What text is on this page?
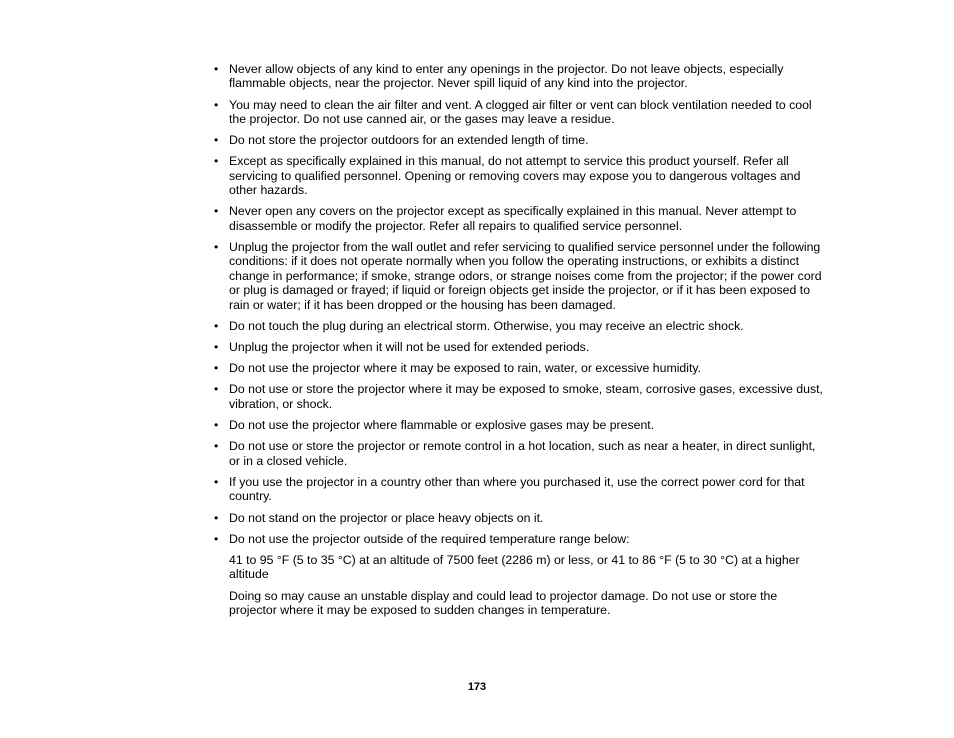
• Never allow objects of any kind to enter any openings in the projector. Do not leave objects, especially flammable objects, near the projector. Never spill liquid of any kind into the projector.
• You may need to clean the air filter and vent. A clogged air filter or vent can block ventilation needed to cool the projector. Do not use canned air, or the gases may leave a residue.
• Do not store the projector outdoors for an extended length of time.
• Except as specifically explained in this manual, do not attempt to service this product yourself. Refer all servicing to qualified personnel. Opening or removing covers may expose you to dangerous voltages and other hazards.
• Never open any covers on the projector except as specifically explained in this manual. Never attempt to disassemble or modify the projector. Refer all repairs to qualified service personnel.
• Unplug the projector from the wall outlet and refer servicing to qualified service personnel under the following conditions: if it does not operate normally when you follow the operating instructions, or exhibits a distinct change in performance; if smoke, strange odors, or strange noises come from the projector; if the power cord or plug is damaged or frayed; if liquid or foreign objects get inside the projector, or if it has been exposed to rain or water; if it has been dropped or the housing has been damaged.
• Do not touch the plug during an electrical storm. Otherwise, you may receive an electric shock.
• Unplug the projector when it will not be used for extended periods.
• Do not use the projector where it may be exposed to rain, water, or excessive humidity.
• Do not use or store the projector where it may be exposed to smoke, steam, corrosive gases, excessive dust, vibration, or shock.
• Do not use the projector where flammable or explosive gases may be present.
• Do not use or store the projector or remote control in a hot location, such as near a heater, in direct sunlight, or in a closed vehicle.
• If you use the projector in a country other than where you purchased it, use the correct power cord for that country.
• Do not stand on the projector or place heavy objects on it.
• Do not use the projector outside of the required temperature range below:

41 to 95 °F (5 to 35 °C) at an altitude of 7500 feet (2286 m) or less, or 41 to 86 °F (5 to 30 °C) at a higher altitude

Doing so may cause an unstable display and could lead to projector damage. Do not use or store the projector where it may be exposed to sudden changes in temperature.

173
